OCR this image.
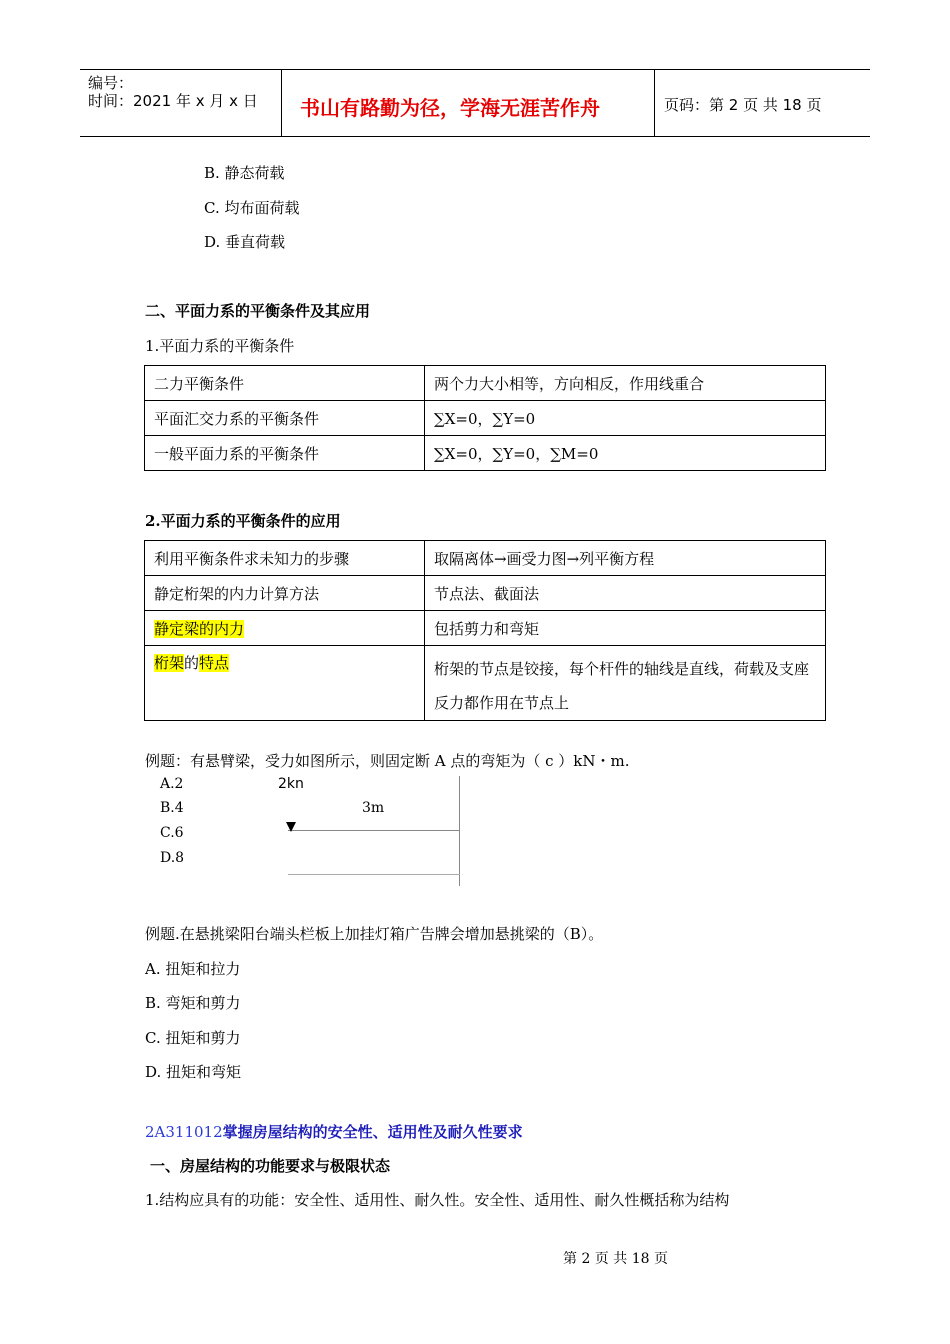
编号：
时间：2021 年 x 月 x 日 书山有路勤为径，学海无涯苦作舟	页码：第 2 页 共 18 页
B. 静态荷载
C. 均布面荷载
D. 垂直荷载
二、平面力系的平衡条件及其应用
1.平面力系的平衡条件
二力平衡条件	两个力大小相等，方向相反，作用线重合
平面汇交力系的平衡条件	∑X=0，∑Y=0
一般平面力系的平衡条件	∑X=0，∑Y=0，∑M=0
2.平面力系的平衡条件的应用
利用平衡条件求未知力的步骤	取隔离体→画受力图→列平衡方程
静定桁架的内力计算方法	节点法、截面法
静定梁的内力	包括剪力和弯矩
桁架的特点	桁架的节点是铰接，每个杆件的轴线是直线，荷载及支座反力都作用在节点上
例题：有悬臂梁，受力如图所示，则固定断 A 点的弯矩为（ c ）kN・m.
A.2
B.4
C.6
D.8
2kn
3m
例题.在悬挑梁阳台端头栏板上加挂灯箱广告牌会增加悬挑梁的（B）。
A. 扭矩和拉力
B. 弯矩和剪力
C. 扭矩和剪力
D. 扭矩和弯矩
2A311012掌握房屋结构的安全性、适用性及耐久性要求
一、房屋结构的功能要求与极限状态
1.结构应具有的功能：安全性、适用性、耐久性。安全性、适用性、耐久性概括称为结构
第 2 页 共 18 页
